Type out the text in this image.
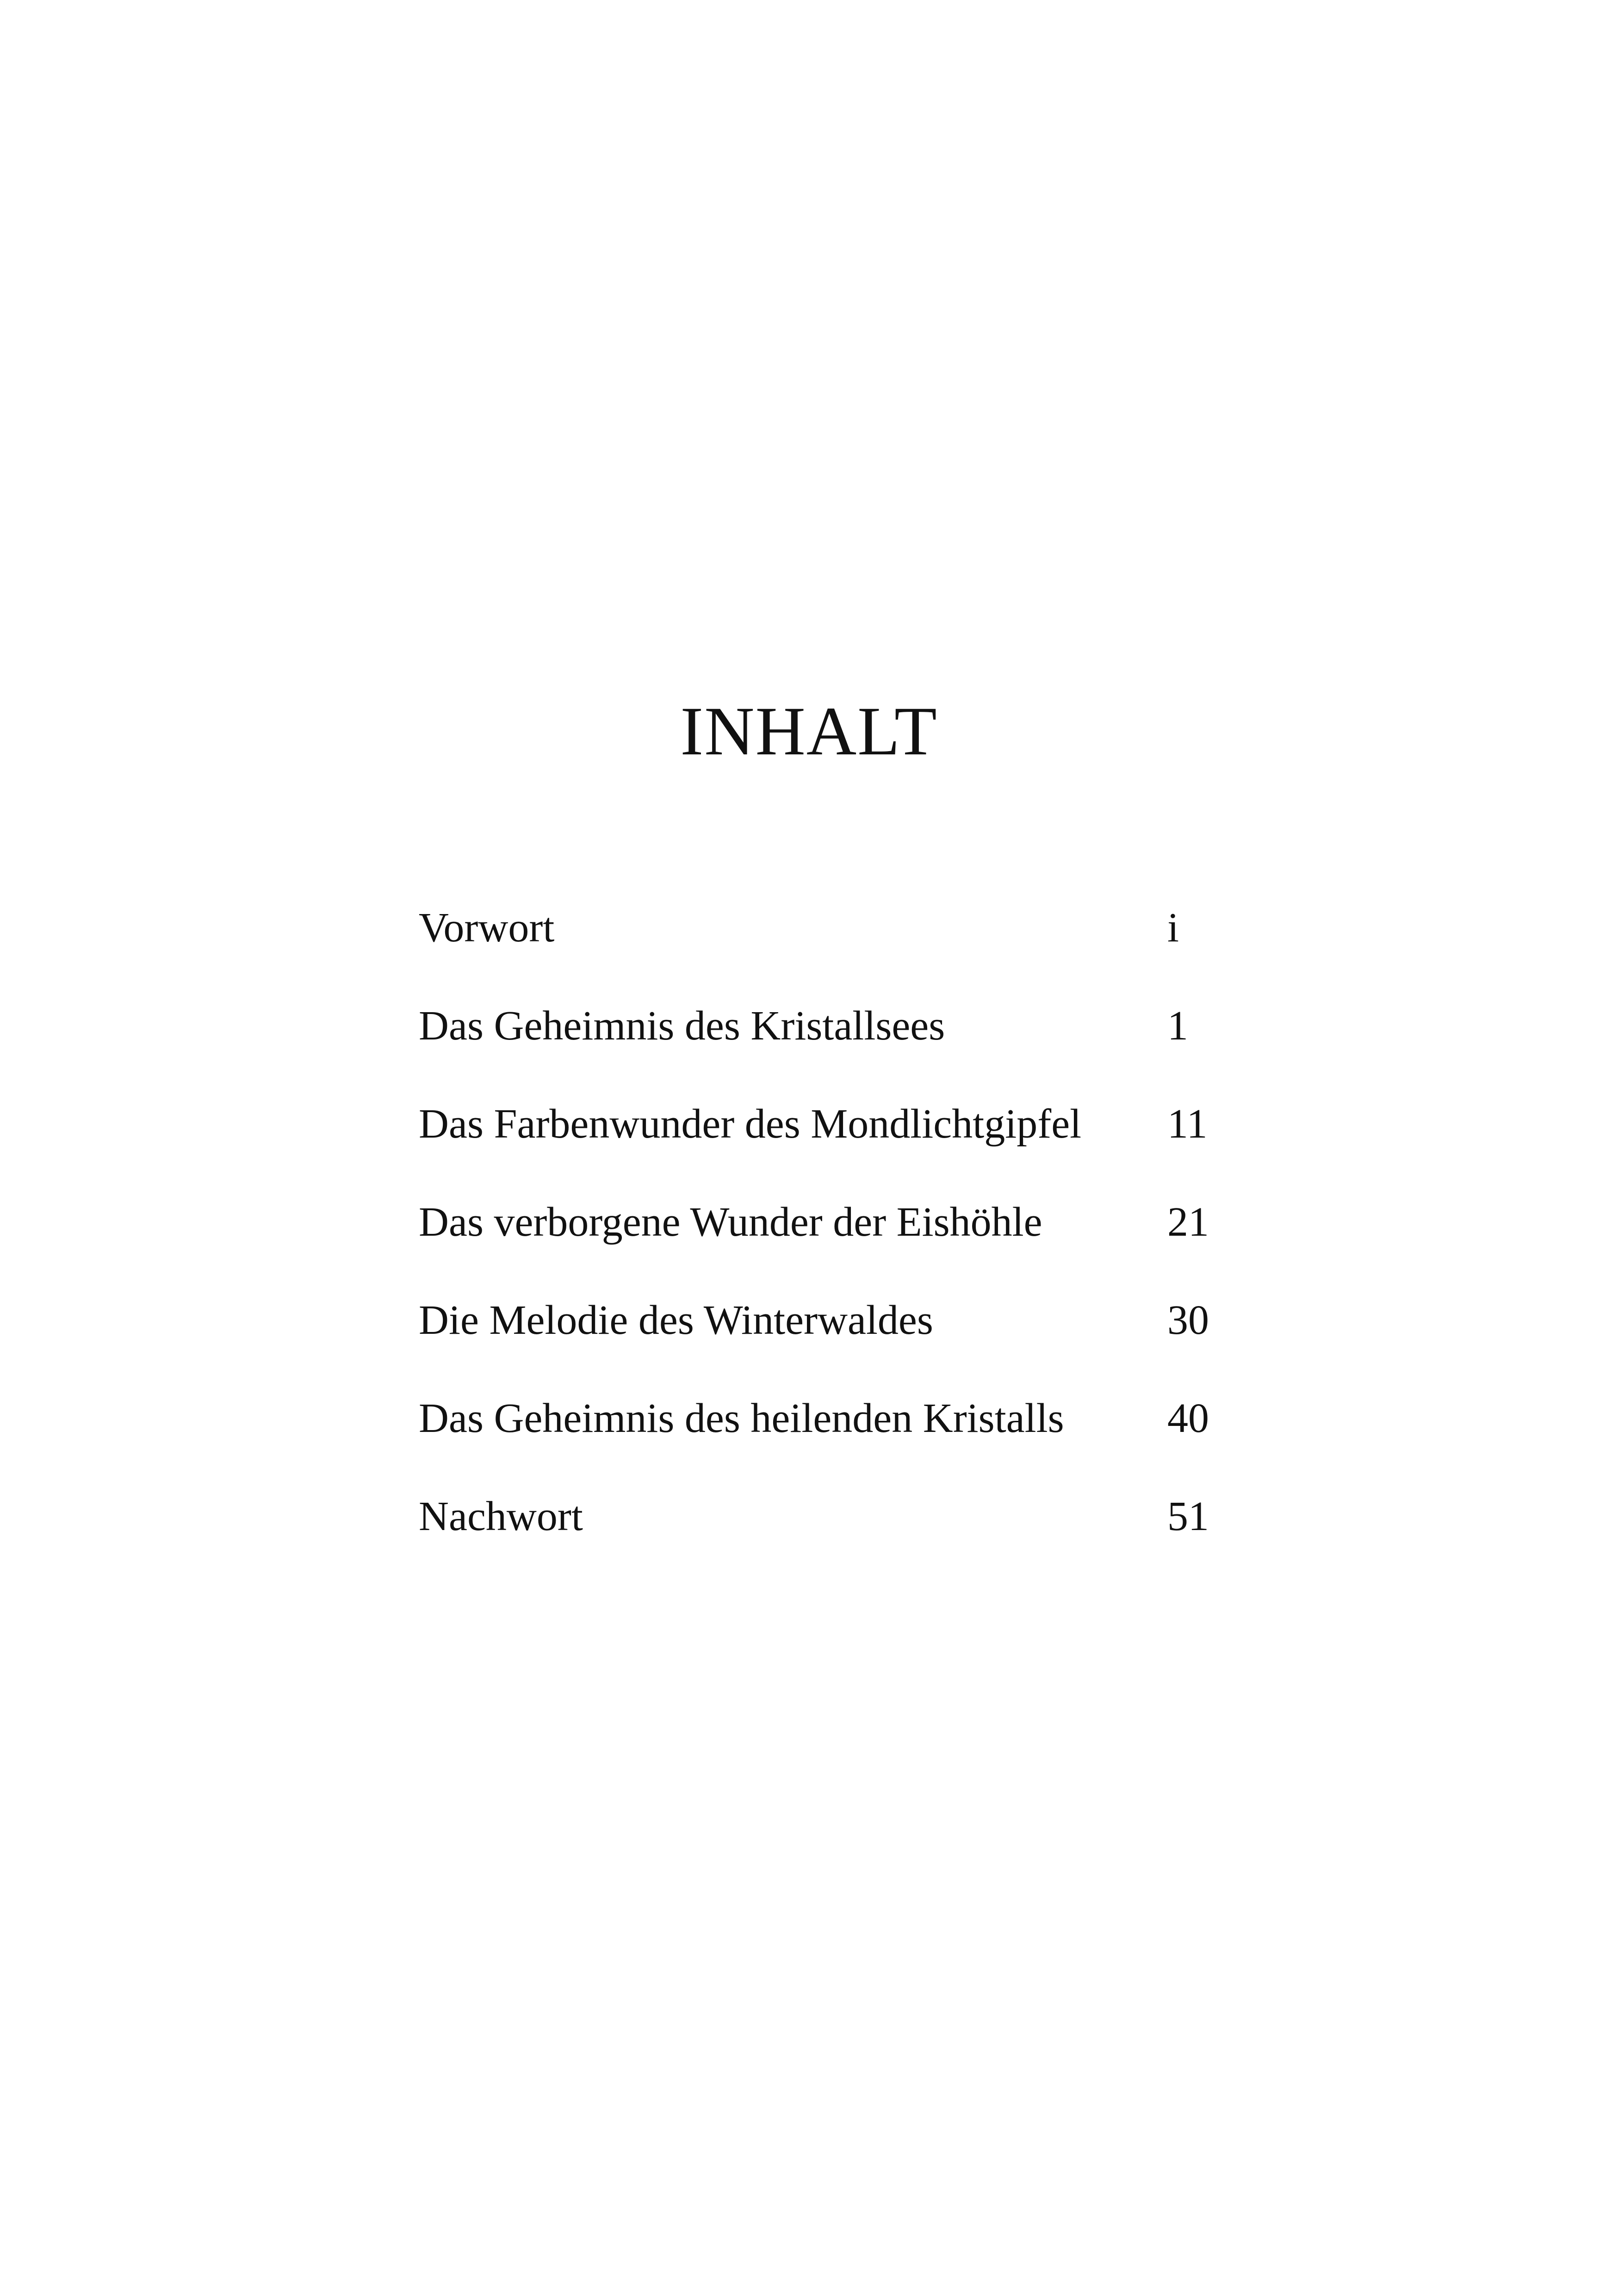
INHALT
Vorwort	i
Das Geheimnis des Kristallsees	1
Das Farbenwunder des Mondlichtgipfel 11
Das verborgene Wunder der Eishöhle	21
Die Melodie des Winterwaldes	30
Das Geheimnis des heilenden Kristalls 40
Nachwort	51
